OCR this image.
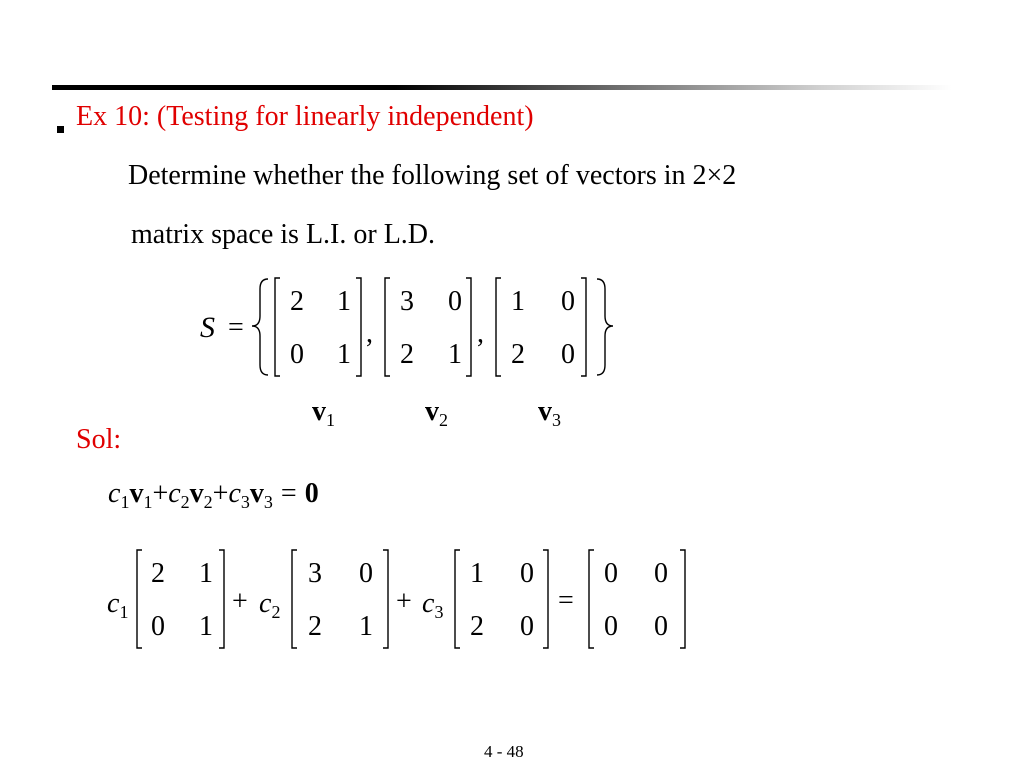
Ex 10: (Testing for linearly independent)
Determine whether the following set of vectors in 2×2
matrix space is L.I. or L.D.
Sol:
S =
2 1
0 1
,
3 0
2 1
,
1 0
2 0
$v_1$	$v_2$	$v_3$
$c_1v_1+c_2v_2+c_3v_3 = 0$
$c_1$
2 1
0 1
+ $c_2$
3 0
2 1
+ $c_3$
1 0
2 0
=
0 0
0 0
4 - 48
